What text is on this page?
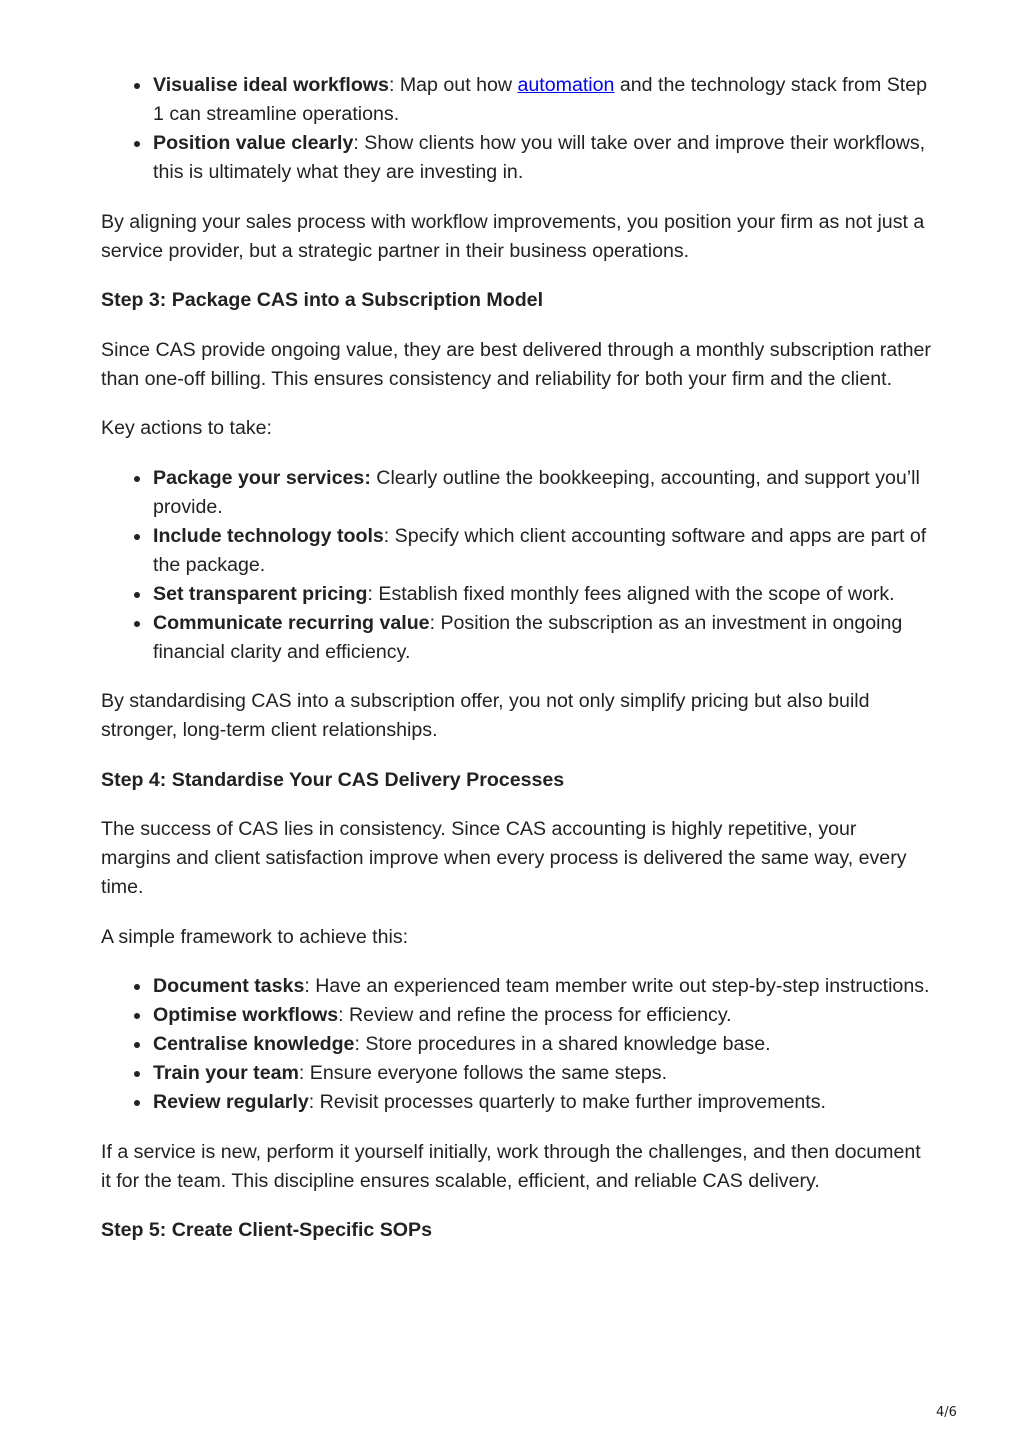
Visualise ideal workflows: Map out how automation and the technology stack from Step 1 can streamline operations.
Position value clearly: Show clients how you will take over and improve their workflows, this is ultimately what they are investing in.

By aligning your sales process with workflow improvements, you position your firm as not just a service provider, but a strategic partner in their business operations.

Step 3: Package CAS into a Subscription Model

Since CAS provide ongoing value, they are best delivered through a monthly subscription rather than one-off billing. This ensures consistency and reliability for both your firm and the client.

Key actions to take:

Package your services: Clearly outline the bookkeeping, accounting, and support you’ll provide.
Include technology tools: Specify which client accounting software and apps are part of the package.
Set transparent pricing: Establish fixed monthly fees aligned with the scope of work.
Communicate recurring value: Position the subscription as an investment in ongoing financial clarity and efficiency.

By standardising CAS into a subscription offer, you not only simplify pricing but also build stronger, long-term client relationships.

Step 4: Standardise Your CAS Delivery Processes

The success of CAS lies in consistency. Since CAS accounting is highly repetitive, your margins and client satisfaction improve when every process is delivered the same way, every time.

A simple framework to achieve this:

Document tasks: Have an experienced team member write out step-by-step instructions.
Optimise workflows: Review and refine the process for efficiency.
Centralise knowledge: Store procedures in a shared knowledge base.
Train your team: Ensure everyone follows the same steps.
Review regularly: Revisit processes quarterly to make further improvements.

If a service is new, perform it yourself initially, work through the challenges, and then document it for the team. This discipline ensures scalable, efficient, and reliable CAS delivery.

Step 5: Create Client-Specific SOPs
4/6
